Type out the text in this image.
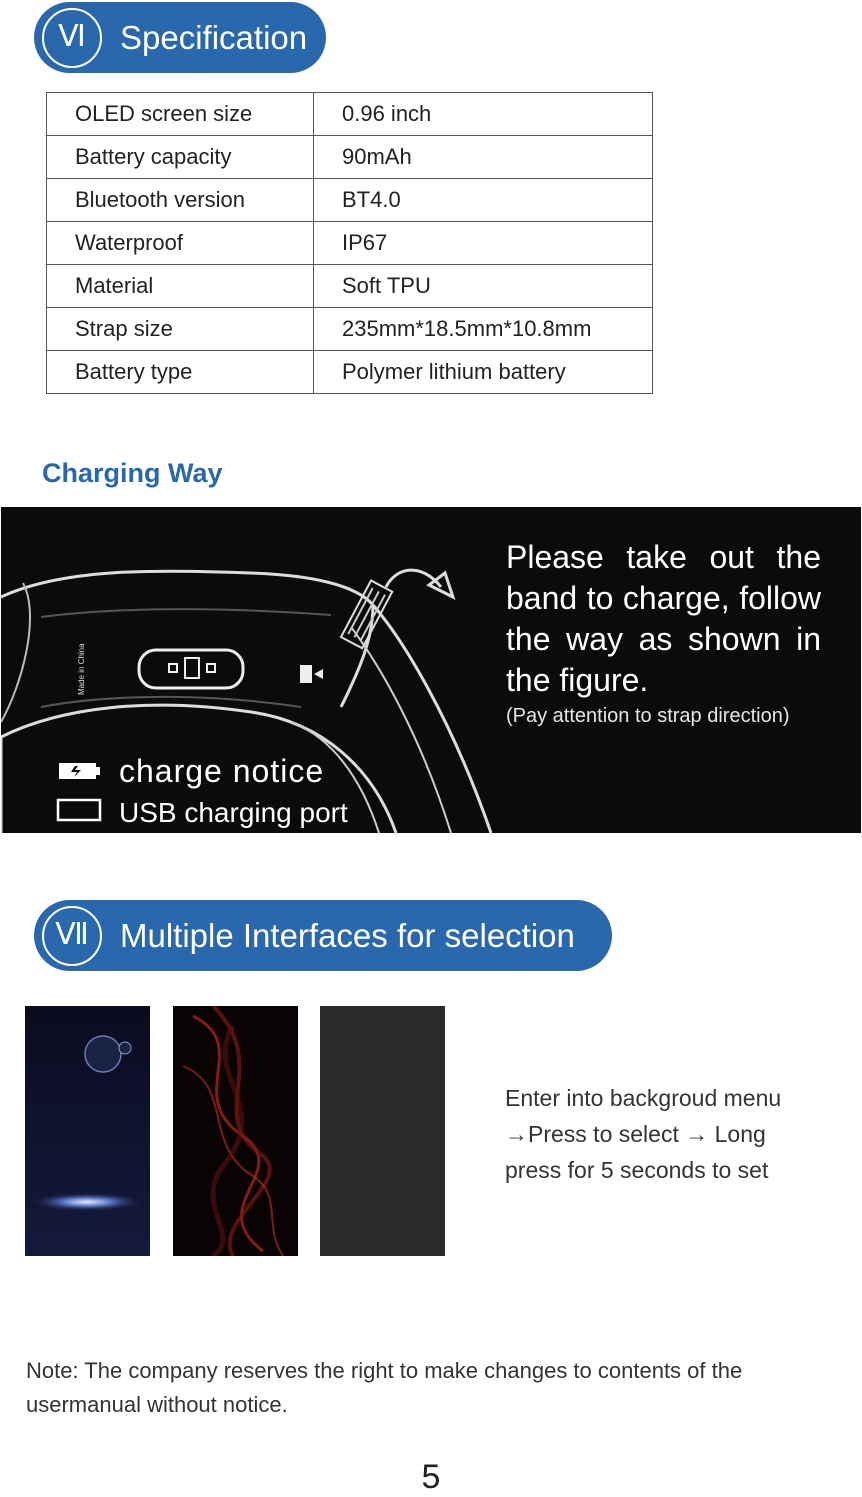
Ⅵ	Specification
OLED screen size	0.96 inch
Battery capacity	90mAh
Bluetooth version	BT4.0
Waterproof	IP67
Material	Soft TPU
Strap size	235mm*18.5mm*10.8mm
Battery type	Polymer lithium battery
Charging Way
Made in China
Please take out the band to charge, follow the way as shown in the figure.
(Pay attention to strap direction)
charge notice
USB charging port
Ⅶ Multiple Interfaces for selection
Enter into backgroud menu
→Press to select → Long
press for 5 seconds to set
Note: The company reserves the right to make changes to contents of the usermanual without notice.
5
